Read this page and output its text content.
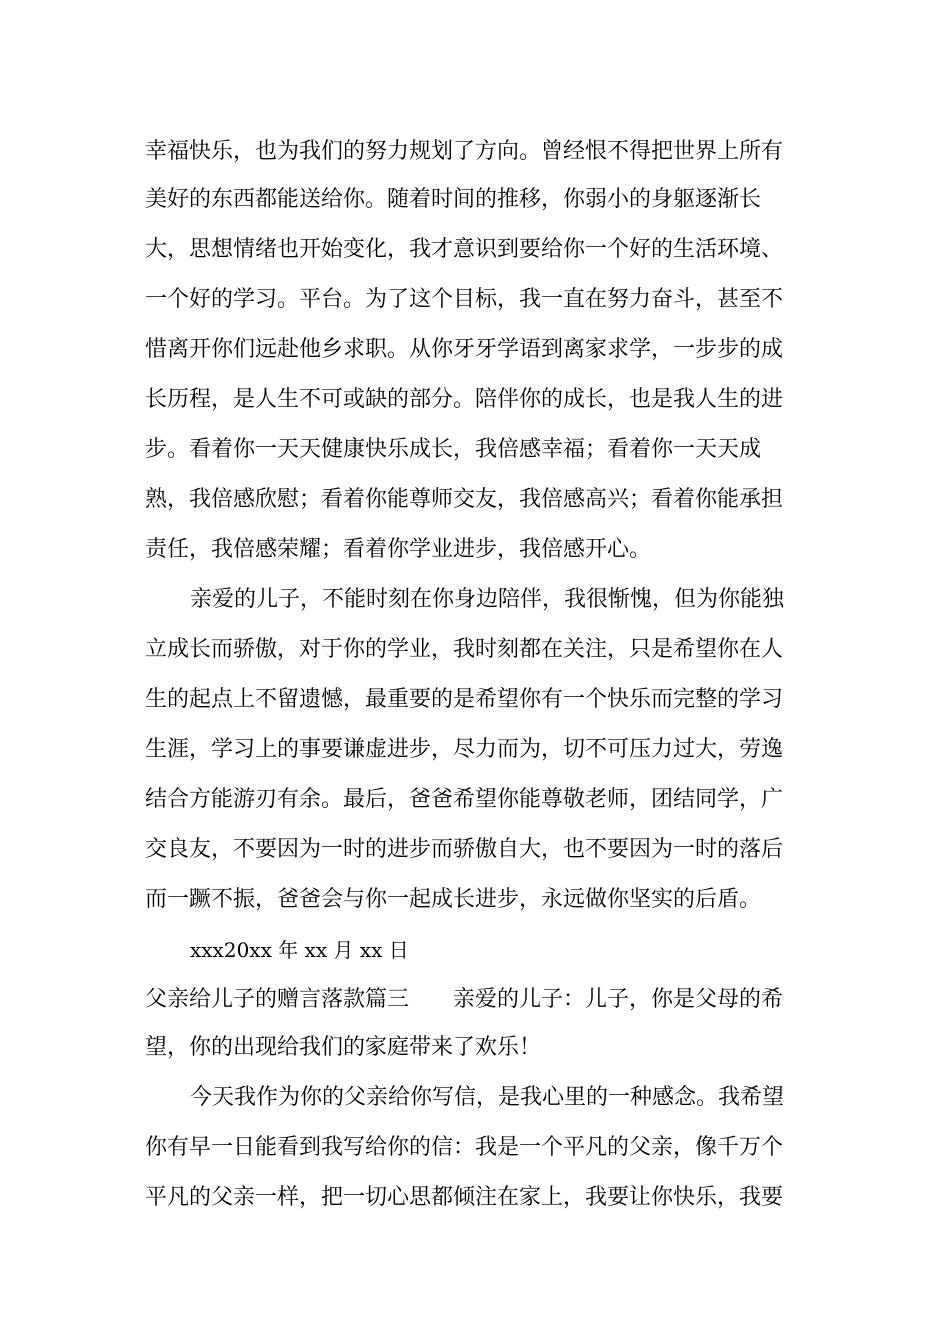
幸福快乐，也为我们的努力规划了方向。曾经恨不得把世界上所有
美好的东西都能送给你。随着时间的推移，你弱小的身躯逐渐长
大，思想情绪也开始变化，我才意识到要给你一个好的生活环境、
一个好的学习。平台。为了这个目标，我一直在努力奋斗，甚至不
惜离开你们远赴他乡求职。从你牙牙学语到离家求学，一步步的成
长历程，是人生不可或缺的部分。陪伴你的成长，也是我人生的进
步。看着你一天天健康快乐成长，我倍感幸福；看着你一天天成
熟，我倍感欣慰；看着你能尊师交友，我倍感高兴；看着你能承担
责任，我倍感荣耀；看着你学业进步，我倍感开心。
亲爱的儿子，不能时刻在你身边陪伴，我很惭愧，但为你能独
立成长而骄傲，对于你的学业，我时刻都在关注，只是希望你在人
生的起点上不留遗憾，最重要的是希望你有一个快乐而完整的学习
生涯，学习上的事要谦虚进步，尽力而为，切不可压力过大，劳逸
结合方能游刃有余。最后，爸爸希望你能尊敬老师，团结同学，广
交良友，不要因为一时的进步而骄傲自大，也不要因为一时的落后
而一蹶不振，爸爸会与你一起成长进步，永远做你坚实的后盾。
xxx20xx 年 xx 月 xx 日
父亲给儿子的赠言落款篇三　　亲爱的儿子：儿子，你是父母的希
望，你的出现给我们的家庭带来了欢乐！
今天我作为你的父亲给你写信，是我心里的一种感念。我希望
你有早一日能看到我写给你的信：我是一个平凡的父亲，像千万个
平凡的父亲一样，把一切心思都倾注在家上，我要让你快乐，我要
